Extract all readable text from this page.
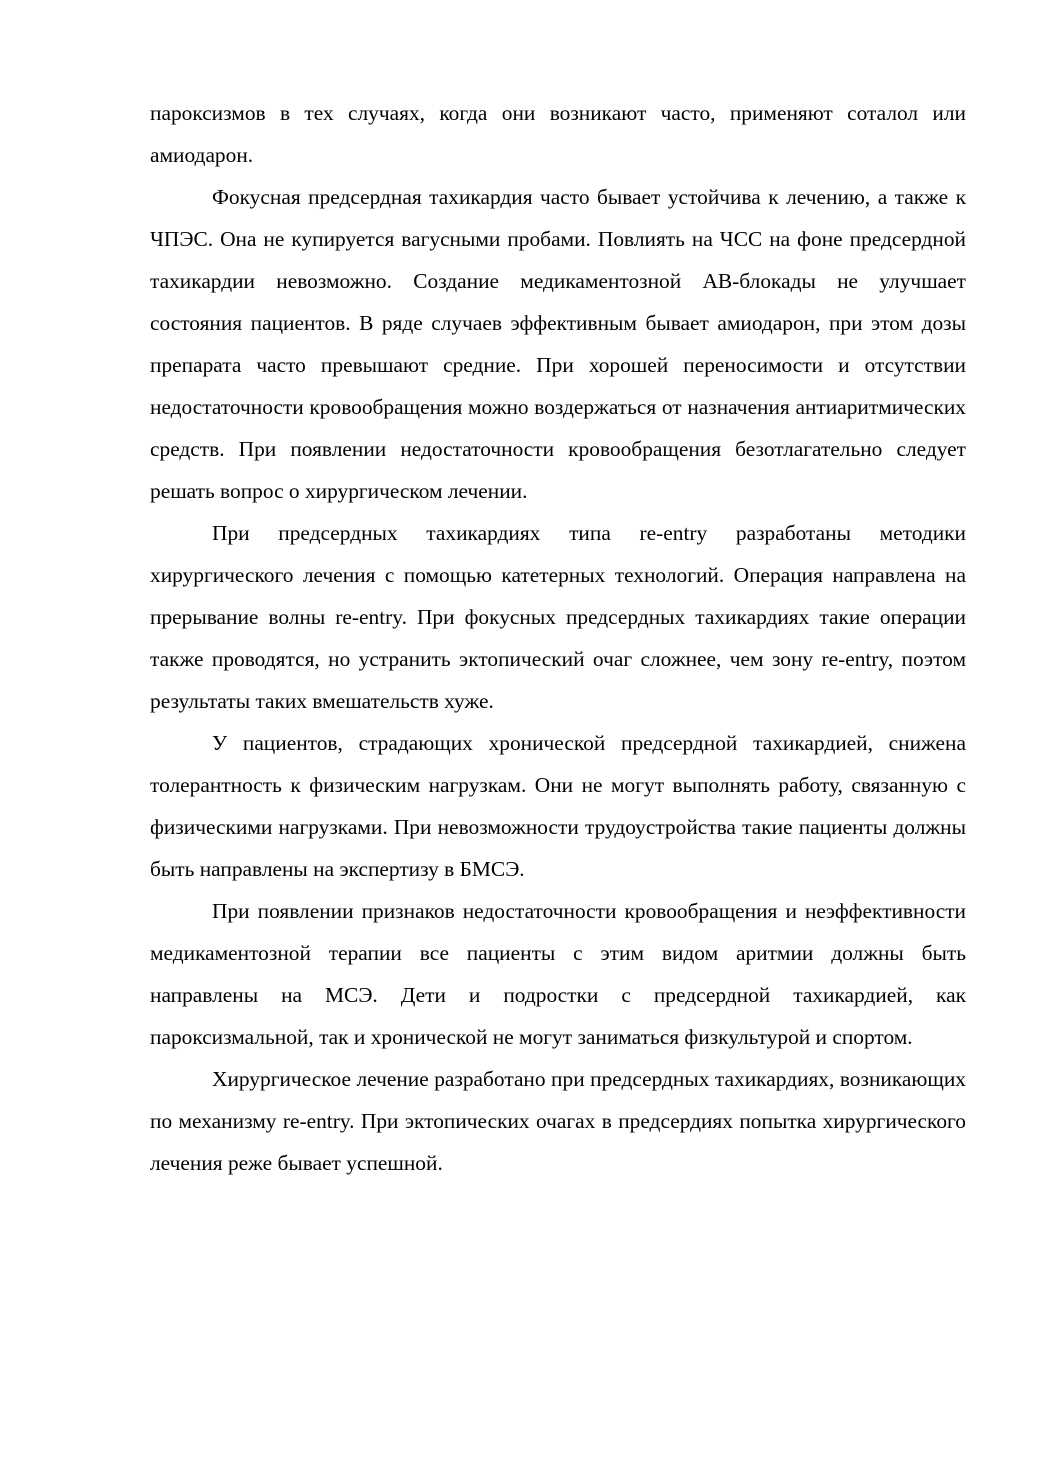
пароксизмов в тех случаях, когда они возникают часто, применяют соталол или амиодарон.

Фокусная предсердная тахикардия часто бывает устойчива к лечению, а также к ЧПЭС. Она не купируется вагусными пробами. Повлиять на ЧСС на фоне предсердной тахикардии невозможно. Создание медикаментозной АВ-блокады не улучшает состояния пациентов. В ряде случаев эффективным бывает амиодарон, при этом дозы препарата часто превышают средние. При хорошей переносимости и отсутствии недостаточности кровообращения можно воздержаться от назначения антиаритмических средств. При появлении недостаточности кровообращения безотлагательно следует решать вопрос о хирургическом лечении.

При предсердных тахикардиях типа re-entry разработаны методики хирургического лечения с помощью катетерных технологий. Операция направлена на прерывание волны re-entry. При фокусных предсердных тахикардиях такие операции также проводятся, но устранить эктопический очаг сложнее, чем зону re-entry, поэтом результаты таких вмешательств хуже.

У пациентов, страдающих хронической предсердной тахикардией, снижена толерантность к физическим нагрузкам. Они не могут выполнять работу, связанную с физическими нагрузками. При невозможности трудоустройства такие пациенты должны быть направлены на экспертизу в БМСЭ.

При появлении признаков недостаточности кровообращения и неэффективности медикаментозной терапии все пациенты с этим видом аритмии должны быть направлены на МСЭ. Дети и подростки с предсердной тахикардией, как пароксизмальной, так и хронической не могут заниматься физкультурой и спортом.

Хирургическое лечение разработано при предсердных тахикардиях, возникающих по механизму re-entry. При эктопических очагах в предсердиях попытка хирургического лечения реже бывает успешной.
